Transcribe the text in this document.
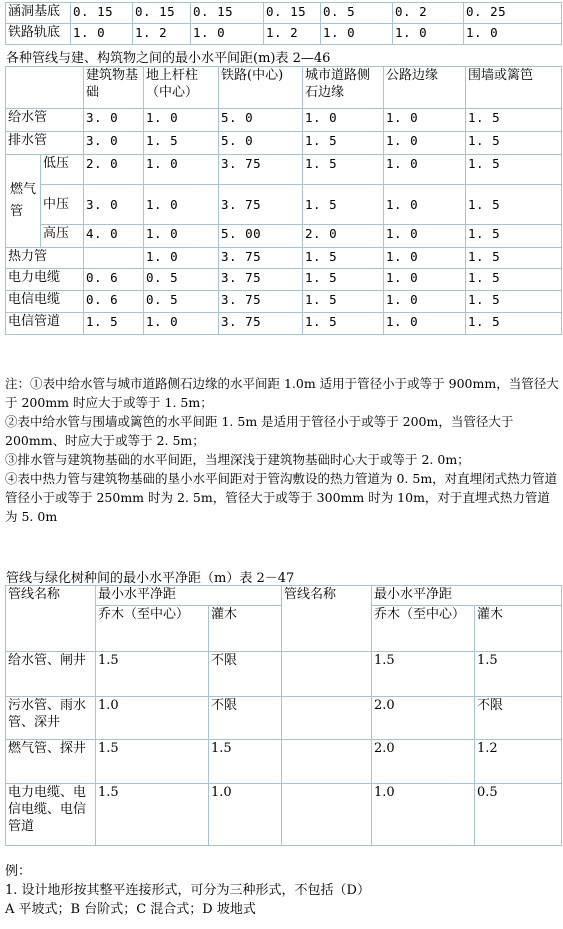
涵洞基底	0. 15	0. 15	0. 15	0. 15	0. 5	0. 2	0. 25
铁路轨底	1. 0	1. 2	1. 0	1. 2	1. 0	1. 0	1. 0
各种管线与建、构筑物之间的最小水平间距(m)表 2—46
		建筑物基础	地上杆柱（中心）	铁路(中心)	城市道路侧石边缘	公路边缘	围墙或篱笆
给水管		3. 0	1. 0	5. 0	1. 0	1. 0	1. 5
排水管		3. 0	1. 5	5. 0	1. 5	1. 0	1. 5
燃气管	低压	2. 0	1. 0	3. 75	1. 5	1. 0	1. 5
	中压	3. 0	1. 0	3. 75	1. 5	1. 0	1. 5
	高压	4. 0	1. 0	5. 00	2. 0	1. 0	1. 5
热力管			1. 0	3. 75	1. 5	1. 0	1. 5
电力电缆		0. 6	0. 5	3. 75	1. 5	1. 0	1. 5
电信电缆		0. 6	0. 5	3. 75	1. 5	1. 0	1. 5
电信管道		1. 5	1. 0	3. 75	1. 5	1. 0	1. 5

注：①表中给水管与城市道路侧石边缘的水平间距 1.0m 适用于管径小于或等于 900mm，当管径大于 200mm 时应大于或等于 1. 5m；

②表中给水管与围墙或篱笆的水平间距 1. 5m 是适用于管径小于或等于 200m，当管径大于 200mm、时应大于或等于 2. 5m；

③排水管与建筑物基础的水平间距，当埋深浅于建筑物基础时心大于或等于 2. 0m；

④表中热力管与建筑物基础的垦小水平间距对于管沟敷设的热力管道为 0. 5m，对直埋闭式热力管道管径小于或等于 250mm 时为 2. 5m，管径大于或等于 300mm 时为 10m，对于直埋式热力管道为 5. 0m

管线与绿化树种间的最小水平净距（m）表 2－47
管线名称	最小水平净距		管线名称	最小水平净距	
	乔木（至中心）	灌木		乔木（至中心）	灌木
给水管、闸井	1.5	不限		1.5	1.5
污水管、雨水管、深井	1.0	不限		2.0	不限
燃气管、探井	1.5	1.5		2.0	1.2
电力电缆、电信电缆、电信管道	1.5	1.0		1.0	0.5

例：

1. 设计地形按其整平连接形式，可分为三种形式，不包括（D）

A 平坡式；B 台阶式；C 混合式；D 坡地式
